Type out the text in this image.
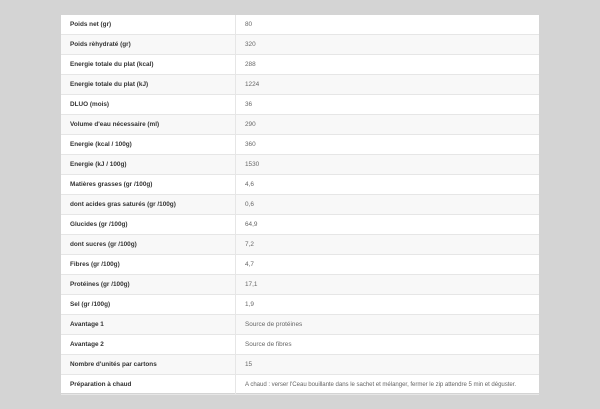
Poids net (gr)	80
Poids rèhydraté (gr)	320
Energie totale du plat (kcal)	288
Energie totale du plat (kJ)	1224
DLUO (mois)	36
Volume d'eau nécessaire (ml)	290
Energie (kcal / 100g)	360
Energie (kJ / 100g)	1530
Matières grasses (gr /100g)	4,6
dont acides gras saturés (gr /100g)	0,6
Glucides (gr /100g)	64,9
dont sucres (gr /100g)	7,2
Fibres (gr /100g)	4,7
Protéines (gr /100g)	17,1
Sel (gr /100g)	1,9
Avantage 1	Source de protéines
Avantage 2	Source de fibres
Nombre d'unités par cartons	15
Préparation à chaud	A chaud : verser l'Ceau bouillante dans le sachet et mélanger, fermer le zip attendre 5 min et déguster.
